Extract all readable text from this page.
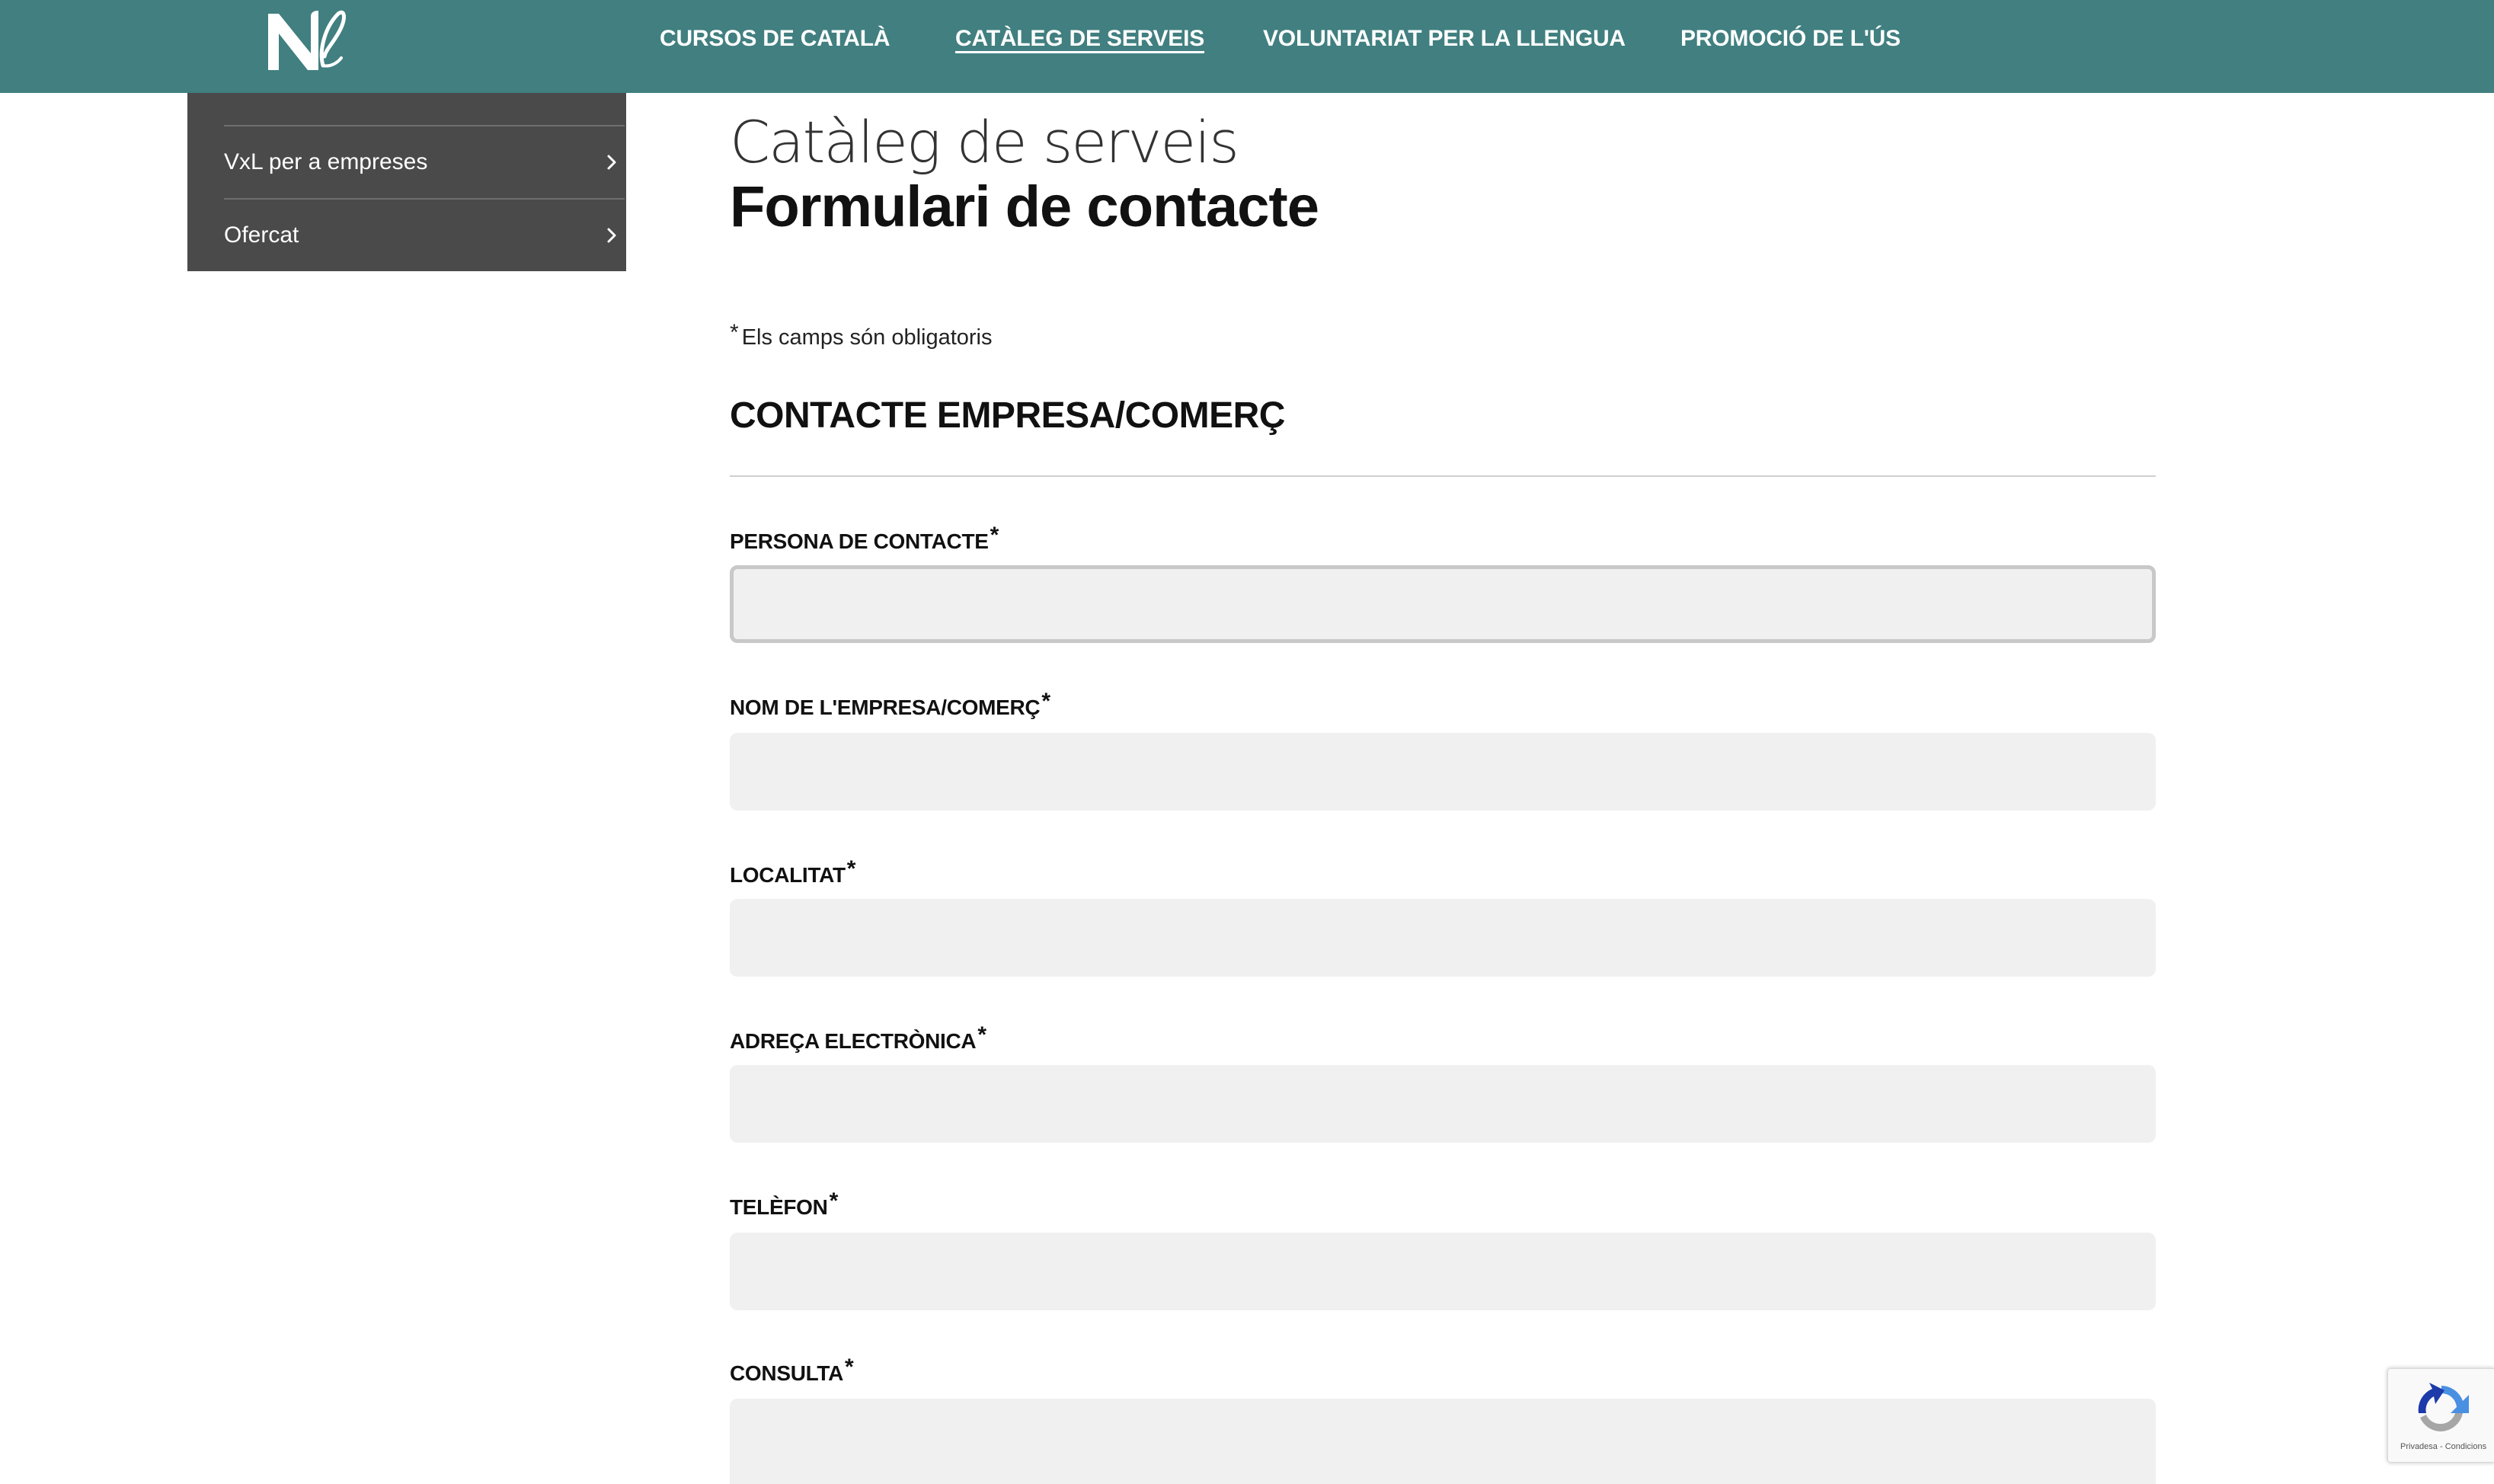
CURSOS DE CATALÀ	CATÀLEG DE SERVEIS	VOLUNTARIAT PER LA LLENGUA PROMOCIÓ DE L'ÚS
VxL per a empreses
Ofercat
Catàleg de serveis
Formulari de contacte
* Els camps són obligatoris
CONTACTE EMPRESA/COMERÇ
PERSONA DE CONTACTE*
NOM DE L'EMPRESA/COMERÇ*
LOCALITAT*
ADREÇA ELECTRÒNICA*
TELÈFON*
CONSULTA*
Privadesa - Condicions
